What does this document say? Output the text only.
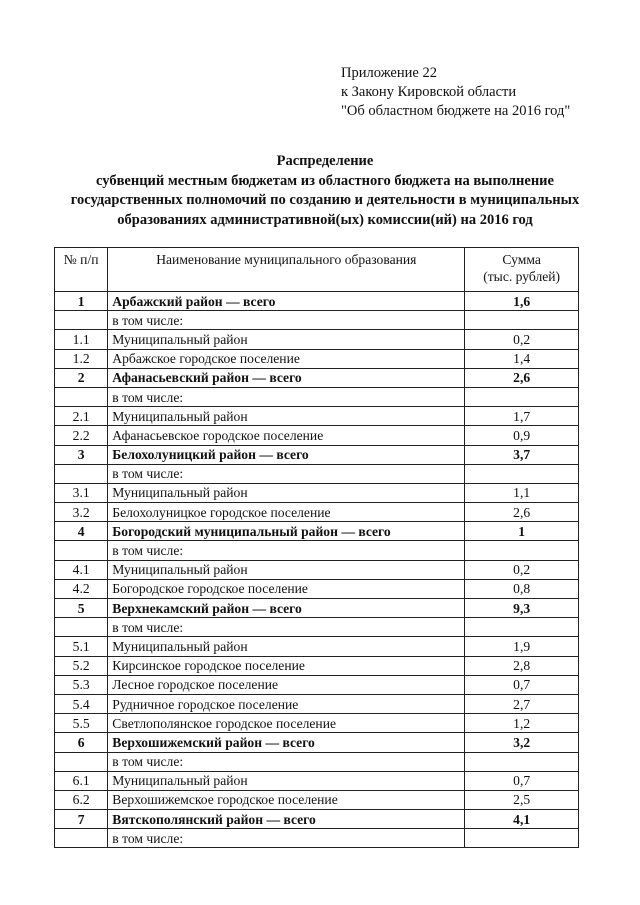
Приложение 22
к Закону Кировской области
"Об областном бюджете на 2016 год"
Распределение
субвенций местным бюджетам из областного бюджета на выполнение
государственных полномочий по созданию и деятельности в муниципальных
образованиях административной(ых) комиссии(ий) на 2016 год
№ п/п	Наименование муниципального образования	Сумма
(тыс. рублей)

1	Арбажский район — всего	1,6
	в том числе:	
1.1	Муниципальный район	0,2
1.2	Арбажское городское поселение	1,4
2	Афанасьевский район — всего	2,6
	в том числе:	
2.1	Муниципальный район	1,7
2.2	Афанасьевское городское поселение	0,9
3	Белохолуницкий район — всего	3,7
	в том числе:	
3.1	Муниципальный район	1,1
3.2	Белохолуницкое городское поселение	2,6
4	Богородский муниципальный район — всего	1
	в том числе:	
4.1	Муниципальный район	0,2
4.2	Богородское городское поселение	0,8
5	Верхнекамский район — всего	9,3
	в том числе:	
5.1	Муниципальный район	1,9
5.2	Кирсинское городское поселение	2,8
5.3	Лесное городское поселение	0,7
5.4	Рудничное городское поселение	2,7
5.5	Светлополянское городское поселение	1,2
6	Верхошижемский район — всего	3,2
	в том числе:	
6.1	Муниципальный район	0,7
6.2	Верхошижемское городское поселение	2,5
7	Вятскополянский район — всего	4,1
	в том числе:	
